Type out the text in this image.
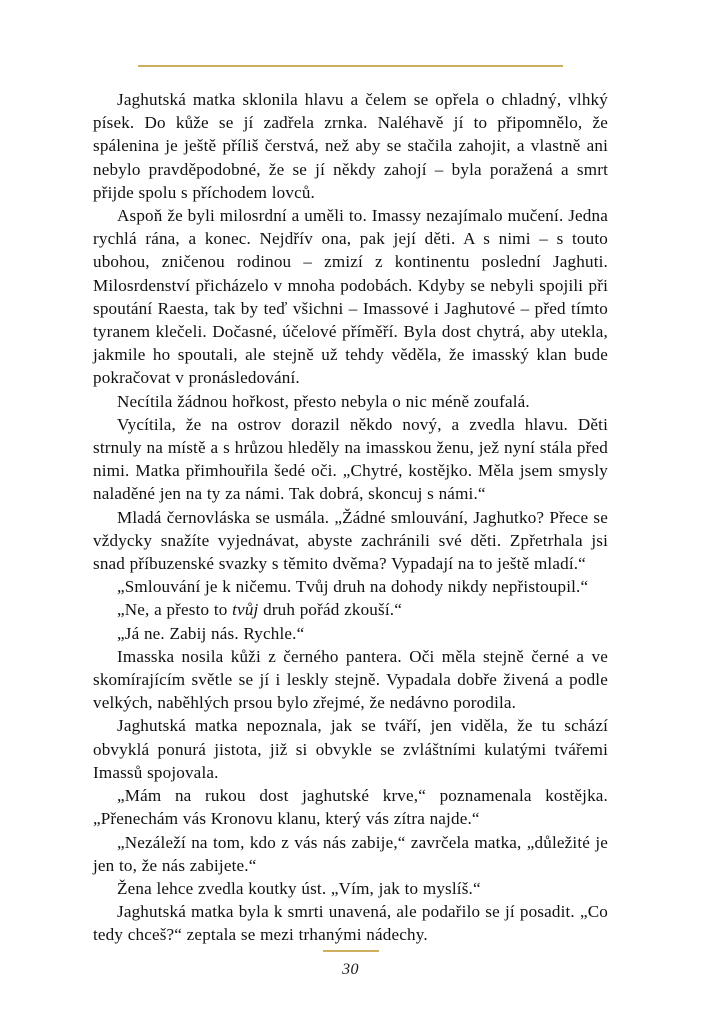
Jaghutská matka sklonila hlavu a čelem se opřela o chladný, vlhký písek. Do kůže se jí zadřela zrnka. Naléhavě jí to připomnělo, že spálenina je ještě příliš čerstvá, než aby se stačila zahojit, a vlastně ani nebylo pravděpodobné, že se jí někdy zahojí – byla poražená a smrt přijde spolu s příchodem lovců.

Aspoň že byli milosrdní a uměli to. Imassy nezajímalo mučení. Jedna rychlá rána, a konec. Nejdřív ona, pak její děti. A s nimi – s touto ubohou, zničenou rodinou – zmizí z kontinentu poslední Jaghuti. Milosrdenství přicházelo v mnoha podobách. Kdyby se nebyli spojili při spoutání Raesta, tak by teď všichni – Imassové i Jaghutové – před tímto tyranem klečeli. Dočasné, účelové příměří. Byla dost chytrá, aby utekla, jakmile ho spoutali, ale stejně už tehdy věděla, že imasský klan bude pokračovat v pronásledování.

Necítila žádnou hořkost, přesto nebyla o nic méně zoufalá.

Vycítila, že na ostrov dorazil někdo nový, a zvedla hlavu. Děti strnuly na místě a s hrůzou hleděly na imasskou ženu, jež nyní stála před nimi. Matka přimhouřila šedé oči. „Chytré, kostějko. Měla jsem smysly naladěné jen na ty za námi. Tak dobrá, skoncuj s námi.“

Mladá černovláska se usmála. „Žádné smlouvání, Jaghutko? Přece se vždycky snažíte vyjednávat, abyste zachránili své děti. Zpřetrhala jsi snad příbuzenské svazky s těmito dvěma? Vypadají na to ještě mladí.“

„Smlouvání je k ničemu. Tvůj druh na dohody nikdy nepřistoupil.“

„Ne, a přesto to tvůj druh pořád zkouší.“

„Já ne. Zabij nás. Rychle.“

Imasska nosila kůži z černého pantera. Oči měla stejně černé a ve skomírajícím světle se jí i leskly stejně. Vypadala dobře živená a podle velkých, naběhlých prsou bylo zřejmé, že nedávno porodila.

Jaghutská matka nepoznala, jak se tváří, jen viděla, že tu schází obvyklá ponurá jistota, již si obvykle se zvláštními kulatými tvářemi Imassů spojovala.

„Mám na rukou dost jaghutské krve,“ poznamenala kostějka. „Přenechám vás Kronovu klanu, který vás zítra najde.“

„Nezáleží na tom, kdo z vás nás zabije,“ zavrčela matka, „důležité je jen to, že nás zabijete.“

Žena lehce zvedla koutky úst. „Vím, jak to myslíš.“

Jaghutská matka byla k smrti unavená, ale podařilo se jí posadit. „Co tedy chceš?“ zeptala se mezi trhanými nádechy.

30
